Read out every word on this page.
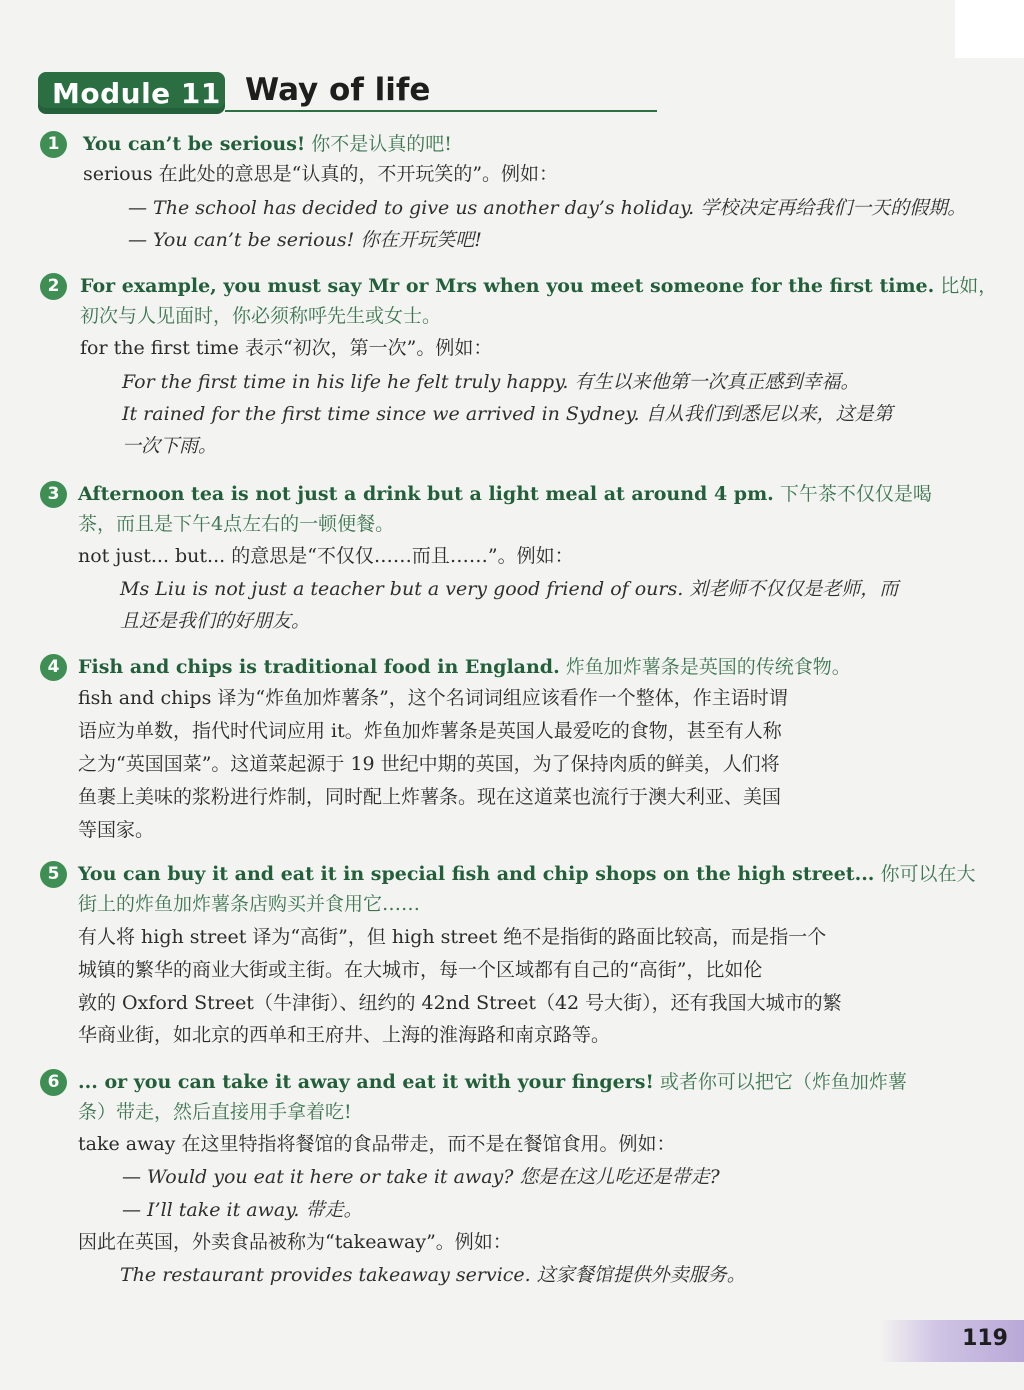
Module 11 Way of life
1	You can’t be serious! 你不是认真的吧!
serious 在此处的意思是“认真的，不开玩笑的”。例如：
— The school has decided to give us another day’s holiday. 学校决定再给我们一天的假期。
— You can’t be serious! 你在开玩笑吧!
2	For example, you must say Mr or Mrs when you meet someone for the first time. 比如，
初次与人见面时，你必须称呼先生或女士。
for the first time 表示“初次，第一次”。例如：
For the first time in his life he felt truly happy. 有生以来他第一次真正感到幸福。
It rained for the first time since we arrived in Sydney. 自从我们到悉尼以来，这是第
一次下雨。
3 Afternoon tea is not just a drink but a light meal at around 4 pm. 下午茶不仅仅是喝
茶，而且是下午4点左右的一顿便餐。
not just... but... 的意思是“不仅仅……而且……”。例如：
Ms Liu is not just a teacher but a very good friend of ours. 刘老师不仅仅是老师，而
且还是我们的好朋友。
4 Fish and chips is traditional food in England. 炸鱼加炸薯条是英国的传统食物。
fish and chips 译为“炸鱼加炸薯条”，这个名词词组应该看作一个整体，作主语时谓
语应为单数，指代时代词应用 it。炸鱼加炸薯条是英国人最爱吃的食物，甚至有人称
之为“英国国菜”。这道菜起源于 19 世纪中期的英国，为了保持肉质的鲜美，人们将
鱼裹上美味的浆粉进行炸制，同时配上炸薯条。现在这道菜也流行于澳大利亚、美国
等国家。
5 You can buy it and eat it in special fish and chip shops on the high street... 你可以在大
街上的炸鱼加炸薯条店购买并食用它……
有人将 high street 译为“高街”，但 high street 绝不是指街的路面比较高，而是指一个
城镇的繁华的商业大街或主街。在大城市，每一个区域都有自己的“高街”，比如伦
敦的 Oxford Street（牛津街）、纽约的 42nd Street（42 号大街），还有我国大城市的繁
华商业街，如北京的西单和王府井、上海的淮海路和南京路等。
6 ... or you can take it away and eat it with your fingers! 或者你可以把它（炸鱼加炸薯
条）带走，然后直接用手拿着吃!
take away 在这里特指将餐馆的食品带走，而不是在餐馆食用。例如：
— Would you eat it here or take it away? 您是在这儿吃还是带走?
— I’ll take it away. 带走。
因此在英国，外卖食品被称为“takeaway”。例如：
The restaurant provides takeaway service. 这家餐馆提供外卖服务。
119
